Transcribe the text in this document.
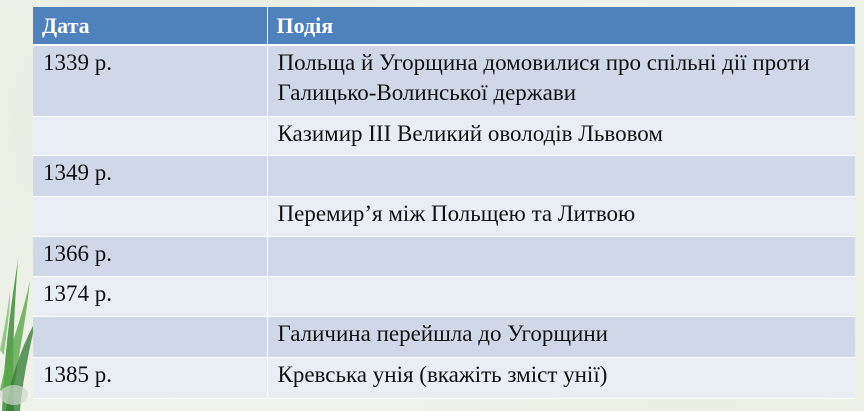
Дата	Подія
1339 р.	Польща й Угорщина домовилися про спільні дії проти Галицько-Волинської держави
	Казимир III Великий оволодів Львовом
1349 р.	
	Перемир’я між Польщею та Литвою
1366 р.	
1374 р.	
	Галичина перейшла до Угорщини
1385 р.	Кревська унія (вкажіть зміст унії)
